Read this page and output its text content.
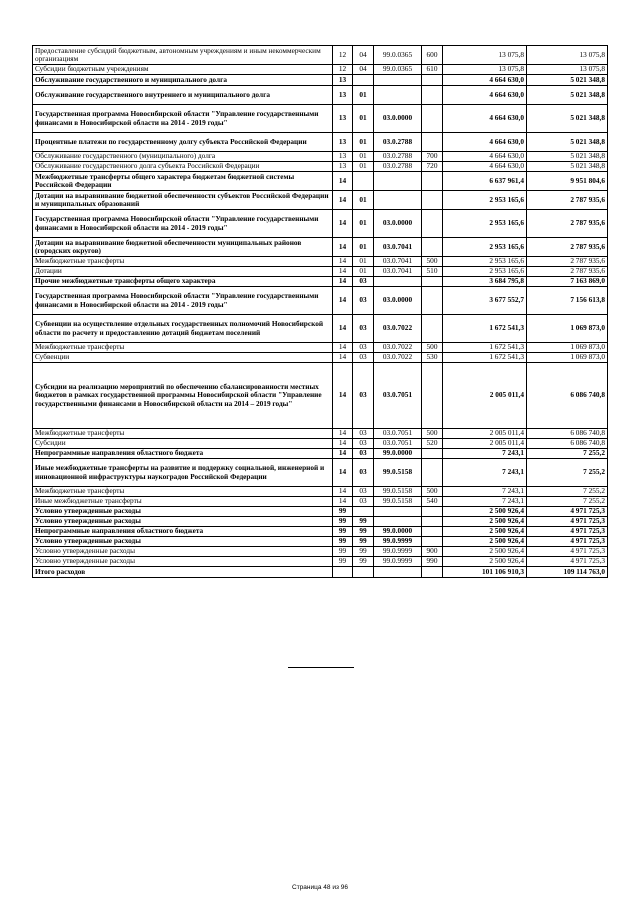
Предоставление субсидий бюджетным, автономным учреждениям и иным некоммерческим организациям	12	04	99.0.0365	600	13 075,8	13 075,8
Субсидии бюджетным учреждениям	12	04	99.0.0365	610	13 075,8	13 075,8
Обслуживание государственного и муниципального долга	13				4 664 630,0	5 021 348,8
Обслуживание государственного внутреннего и муниципального долга	13	01			4 664 630,0	5 021 348,8
Государственная программа Новосибирской области "Управление государственными финансами в Новосибирской области на 2014 - 2019 годы"	13	01	03.0.0000		4 664 630,0	5 021 348,8
Процентные платежи по государственному долгу субъекта Российской Федерации	13	01	03.0.2788		4 664 630,0	5 021 348,8
Обслуживание государственного (муниципального) долга	13	01	03.0.2788	700	4 664 630,0	5 021 348,8
Обслуживание государственного долга субъекта Российской Федерации	13	01	03.0.2788	720	4 664 630,0	5 021 348,8
Межбюджетные трансферты общего характера бюджетам бюджетной системы Российской Федерации	14				6 637 961,4	9 951 804,6
Дотации на выравнивание бюджетной обеспеченности субъектов Российской Федерации и муниципальных образований	14	01			2 953 165,6	2 787 935,6
Государственная программа Новосибирской области "Управление государственными финансами в Новосибирской области на 2014 - 2019 годы"	14	01	03.0.0000		2 953 165,6	2 787 935,6
Дотации на выравнивание бюджетной обеспеченности муниципальных районов (городских округов)	14	01	03.0.7041		2 953 165,6	2 787 935,6
Межбюджетные трансферты	14	01	03.0.7041	500	2 953 165,6	2 787 935,6
Дотации	14	01	03.0.7041	510	2 953 165,6	2 787 935,6
Прочие межбюджетные трансферты общего характера	14	03			3 684 795,8	7 163 869,0
Государственная программа Новосибирской области "Управление государственными финансами в Новосибирской области на 2014 - 2019 годы"	14	03	03.0.0000		3 677 552,7	7 156 613,8
Субвенции на осуществление отдельных государственных полномочий Новосибирской области по расчету и предоставлению дотаций бюджетам поселений	14	03	03.0.7022		1 672 541,3	1 069 873,0
Межбюджетные трансферты	14	03	03.0.7022	500	1 672 541,3	1 069 873,0
Субвенции	14	03	03.0.7022	530	1 672 541,3	1 069 873,0
Субсидии на реализацию мероприятий по обеспечению сбалансированности местных бюджетов в рамках государственной программы Новосибирской области "Управление государственными финансами в Новосибирской области на 2014 – 2019 годы"	14	03	03.0.7051		2 005 011,4	6 086 740,8
Межбюджетные трансферты	14	03	03.0.7051	500	2 005 011,4	6 086 740,8
Субсидии	14	03	03.0.7051	520	2 005 011,4	6 086 740,8
Непрограммные направления областного бюджета	14	03	99.0.0000		7 243,1	7 255,2
Иные межбюджетные трансферты на развитие и поддержку социальной, инженерной и инновационной инфраструктуры наукоградов Российской Федерации	14	03	99.0.5158		7 243,1	7 255,2
Межбюджетные трансферты	14	03	99.0.5158	500	7 243,1	7 255,2
Иные межбюджетные трансферты	14	03	99.0.5158	540	7 243,1	7 255,2
Условно утвержденные расходы	99				2 500 926,4	4 971 725,3
Условно утвержденные расходы	99	99			2 500 926,4	4 971 725,3
Непрограммные направления областного бюджета	99	99	99.0.0000		2 500 926,4	4 971 725,3
Условно утвержденные расходы	99	99	99.0.9999		2 500 926,4	4 971 725,3
Условно утвержденные расходы	99	99	99.0.9999	900	2 500 926,4	4 971 725,3
Условно утвержденные расходы	99	99	99.0.9999	990	2 500 926,4	4 971 725,3
Итого расходов					101 106 910,3	109 114 763,0
Страница 48 из 96
